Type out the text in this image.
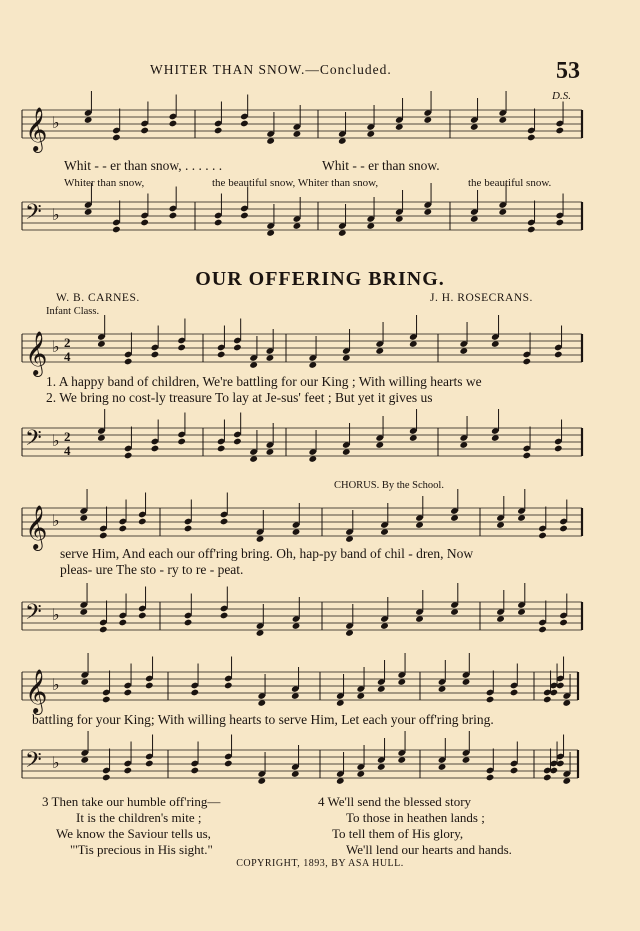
WHITER THAN SNOW.—Concluded.	53
D.S.
𝄞 ♭
𝄢 ♭
Whit - - er than snow, . . . . . .	Whit - - er than snow.
Whiter than snow,	the beautiful snow, Whiter than snow,	the beautiful snow.
OUR OFFERING BRING.
W. B. CARNES.	J. H. ROSECRANS.
Infant Class.
𝄞 ♭ 2
4
𝄢 ♭ 2
4
1. A happy band of children, We're battling for our King ; With willing hearts we
2. We bring no cost-ly treasure To lay at Je-sus' feet ; But yet it gives us
CHORUS. By the School.
𝄞 ♭
𝄢 ♭
serve Him, And each our off'ring bring. Oh, hap-py band of chil - dren, Now
pleas- ure The sto - ry to re - peat.
𝄞 ♭
𝄢 ♭
battling for your King; With willing hearts to serve Him, Let each your off'ring bring.
3 Then take our humble off'ring—
It is the children's mite ;
We know the Saviour tells us,
"'Tis precious in His sight."
4 We'll send the blessed story
To those in heathen lands ;
To tell them of His glory,
We'll lend our hearts and hands.
COPYRIGHT, 1893, BY ASA HULL.
